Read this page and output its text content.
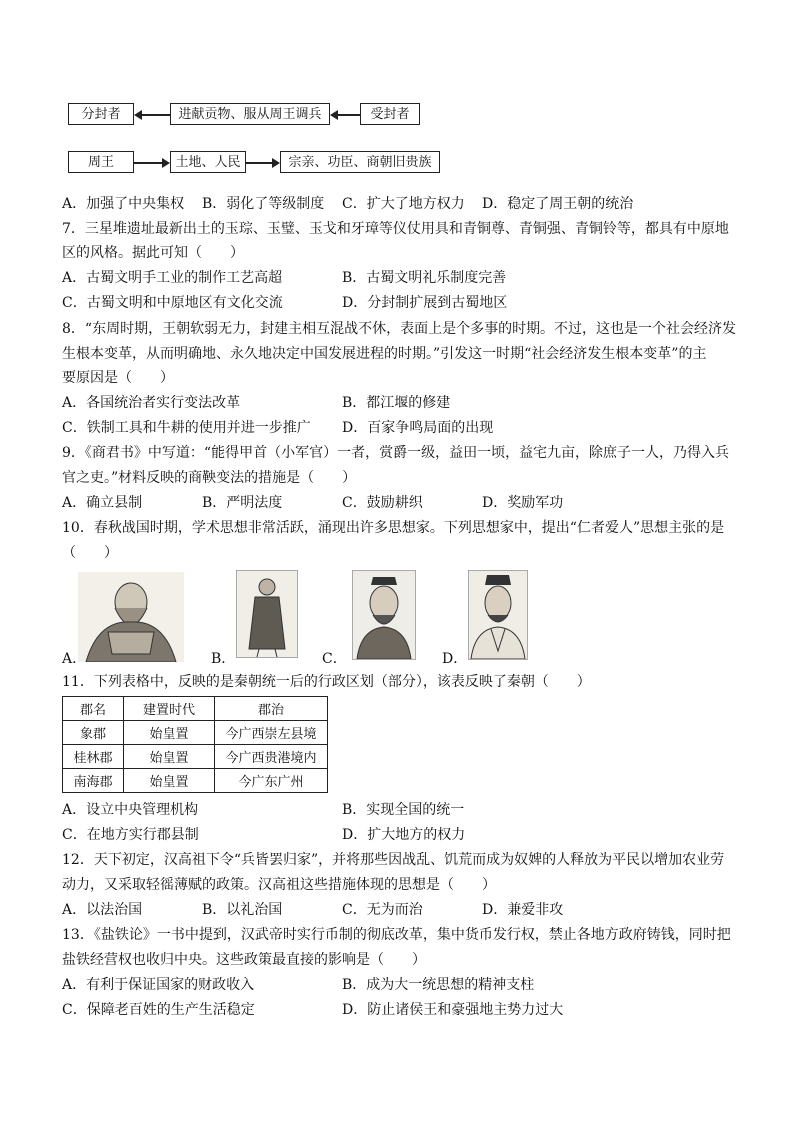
分封者	进献贡物、服从周王调兵	受封者
周王	土地、人民	宗亲、功臣、商朝旧贵族
A．加强了中央集权 B．弱化了等级制度 C．扩大了地方权力 D．稳定了周王朝的统治
7．三星堆遗址最新出土的玉琮、玉璧、玉戈和牙璋等仪仗用具和青铜尊、青铜强、青铜铃等，都具有中原地
区的风格。据此可知（　　）
A．古蜀文明手工业的制作工艺高超	B．古蜀文明礼乐制度完善
C．古蜀文明和中原地区有文化交流	D．分封制扩展到古蜀地区
8．“东周时期，王朝软弱无力，封建主相互混战不休，表面上是个多事的时期。不过，这也是一个社会经济发
生根本变革，从而明确地、永久地决定中国发展进程的时期。”引发这一时期“社会经济发生根本变革”的主
要原因是（　　）
A．各国统治者实行变法改革	B．都江堰的修建
C．铁制工具和牛耕的使用并进一步推广 D．百家争鸣局面的出现
9．《商君书》中写道：“能得甲首（小军官）一者，赏爵一级，益田一顷，益宅九亩，除庶子一人，乃得入兵
官之吏。”材料反映的商鞅变法的措施是（　　）
A．确立县制	B．严明法度	C．鼓励耕织	D．奖励军功
10．春秋战国时期，学术思想非常活跃，涌现出许多思想家。下列思想家中，提出“仁者爱人”思想主张的是
（　　）
A．	B．	C．	D．
11．下列表格中，反映的是秦朝统一后的行政区划（部分），该表反映了秦朝（　　）
郡名	建置时代	郡治
象郡	始皇置	今广西崇左县境
桂林郡	始皇置	今广西贵港境内
南海郡	始皇置	今广东广州
A．设立中央管理机构	B．实现全国的统一
C．在地方实行郡县制	D．扩大地方的权力
12．天下初定，汉高祖下令“兵皆罢归家”，并将那些因战乱、饥荒而成为奴婢的人释放为平民以增加农业劳
动力，又采取轻徭薄赋的政策。汉高祖这些措施体现的思想是（　　）
A．以法治国	B．以礼治国	C．无为而治	D．兼爱非攻
13．《盐铁论》一书中提到，汉武帝时实行币制的彻底改革，集中货币发行权，禁止各地方政府铸钱，同时把
盐铁经营权也收归中央。这些政策最直接的影响是（　　）
A．有利于保证国家的财政收入	B．成为大一统思想的精神支柱
C．保障老百姓的生产生活稳定	D．防止诸侯王和豪强地主势力过大
